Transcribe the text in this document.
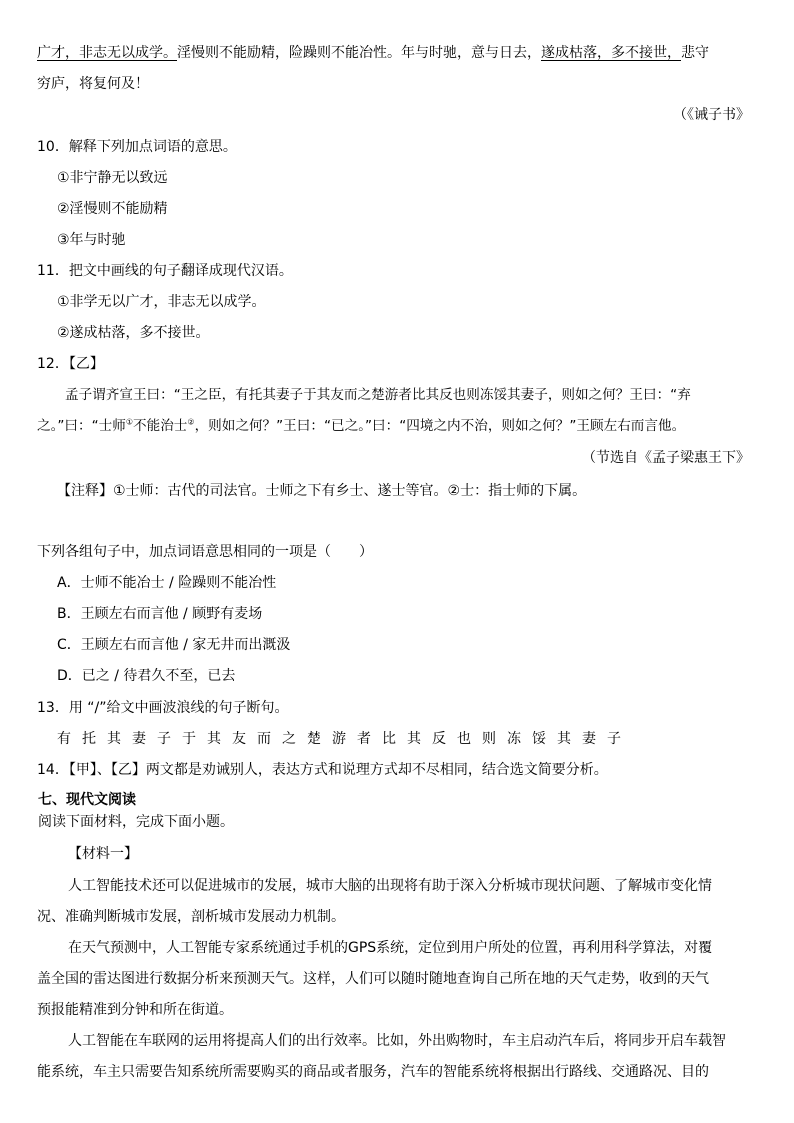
广才，非志无以成学。淫慢则不能励精，险躁则不能冶性。年与时驰，意与日去，遂成枯落，多不接世，悲守
穷庐，将复何及！
（《诫子书》
10．解释下列加点词语的意思。
①非宁静无以致远
②淫慢则不能励精
③年与时驰
11．把文中画线的句子翻译成现代汉语。
①非学无以广才，非志无以成学。
②遂成枯落，多不接世。
12．【乙】
孟子谓齐宣王曰：“王之臣，有托其妻子于其友而之楚游者比其反也则冻馁其妻子，则如之何？王曰：“弃
之。”曰：“士师①不能治士②，则如之何？”王曰：“已之。”曰：“四境之内不治，则如之何？”王顾左右而言他。
（节选自《孟子梁惠王下》
【注释】①士师：古代的司法官。士师之下有乡士、遂士等官。②士：指士师的下属。
下列各组句子中，加点词语意思相同的一项是（　　）
A．士师不能冶士 / 险躁则不能冶性
B．王顾左右而言他 / 顾野有麦场
C．王顾左右而言他 / 家无井而出溉汲
D．已之 / 待君久不至，已去
13．用 “/”给文中画波浪线的句子断句。
有托其妻子于其友而之楚游者比其反也则冻馁其妻子
14．【甲】、【乙】两文都是劝诫别人，表达方式和说理方式却不尽相同，结合选文简要分析。
七、现代文阅读
阅读下面材料，完成下面小题。
【材料一】
人工智能技术还可以促进城市的发展，城市大脑的出现将有助于深入分析城市现状问题、了解城市变化情
况、准确判断城市发展，剖析城市发展动力机制。
在天气预测中，人工智能专家系统通过手机的GPS系统，定位到用户所处的位置，再利用科学算法，对覆
盖全国的雷达图进行数据分析来预测天气。这样，人们可以随时随地查询自己所在地的天气走势，收到的天气
预报能精准到分钟和所在街道。
人工智能在车联网的运用将提高人们的出行效率。比如，外出购物时，车主启动汽车后，将同步开启车载智
能系统，车主只需要告知系统所需要购买的商品或者服务，汽车的智能系统将根据出行路线、交通路况、目的
